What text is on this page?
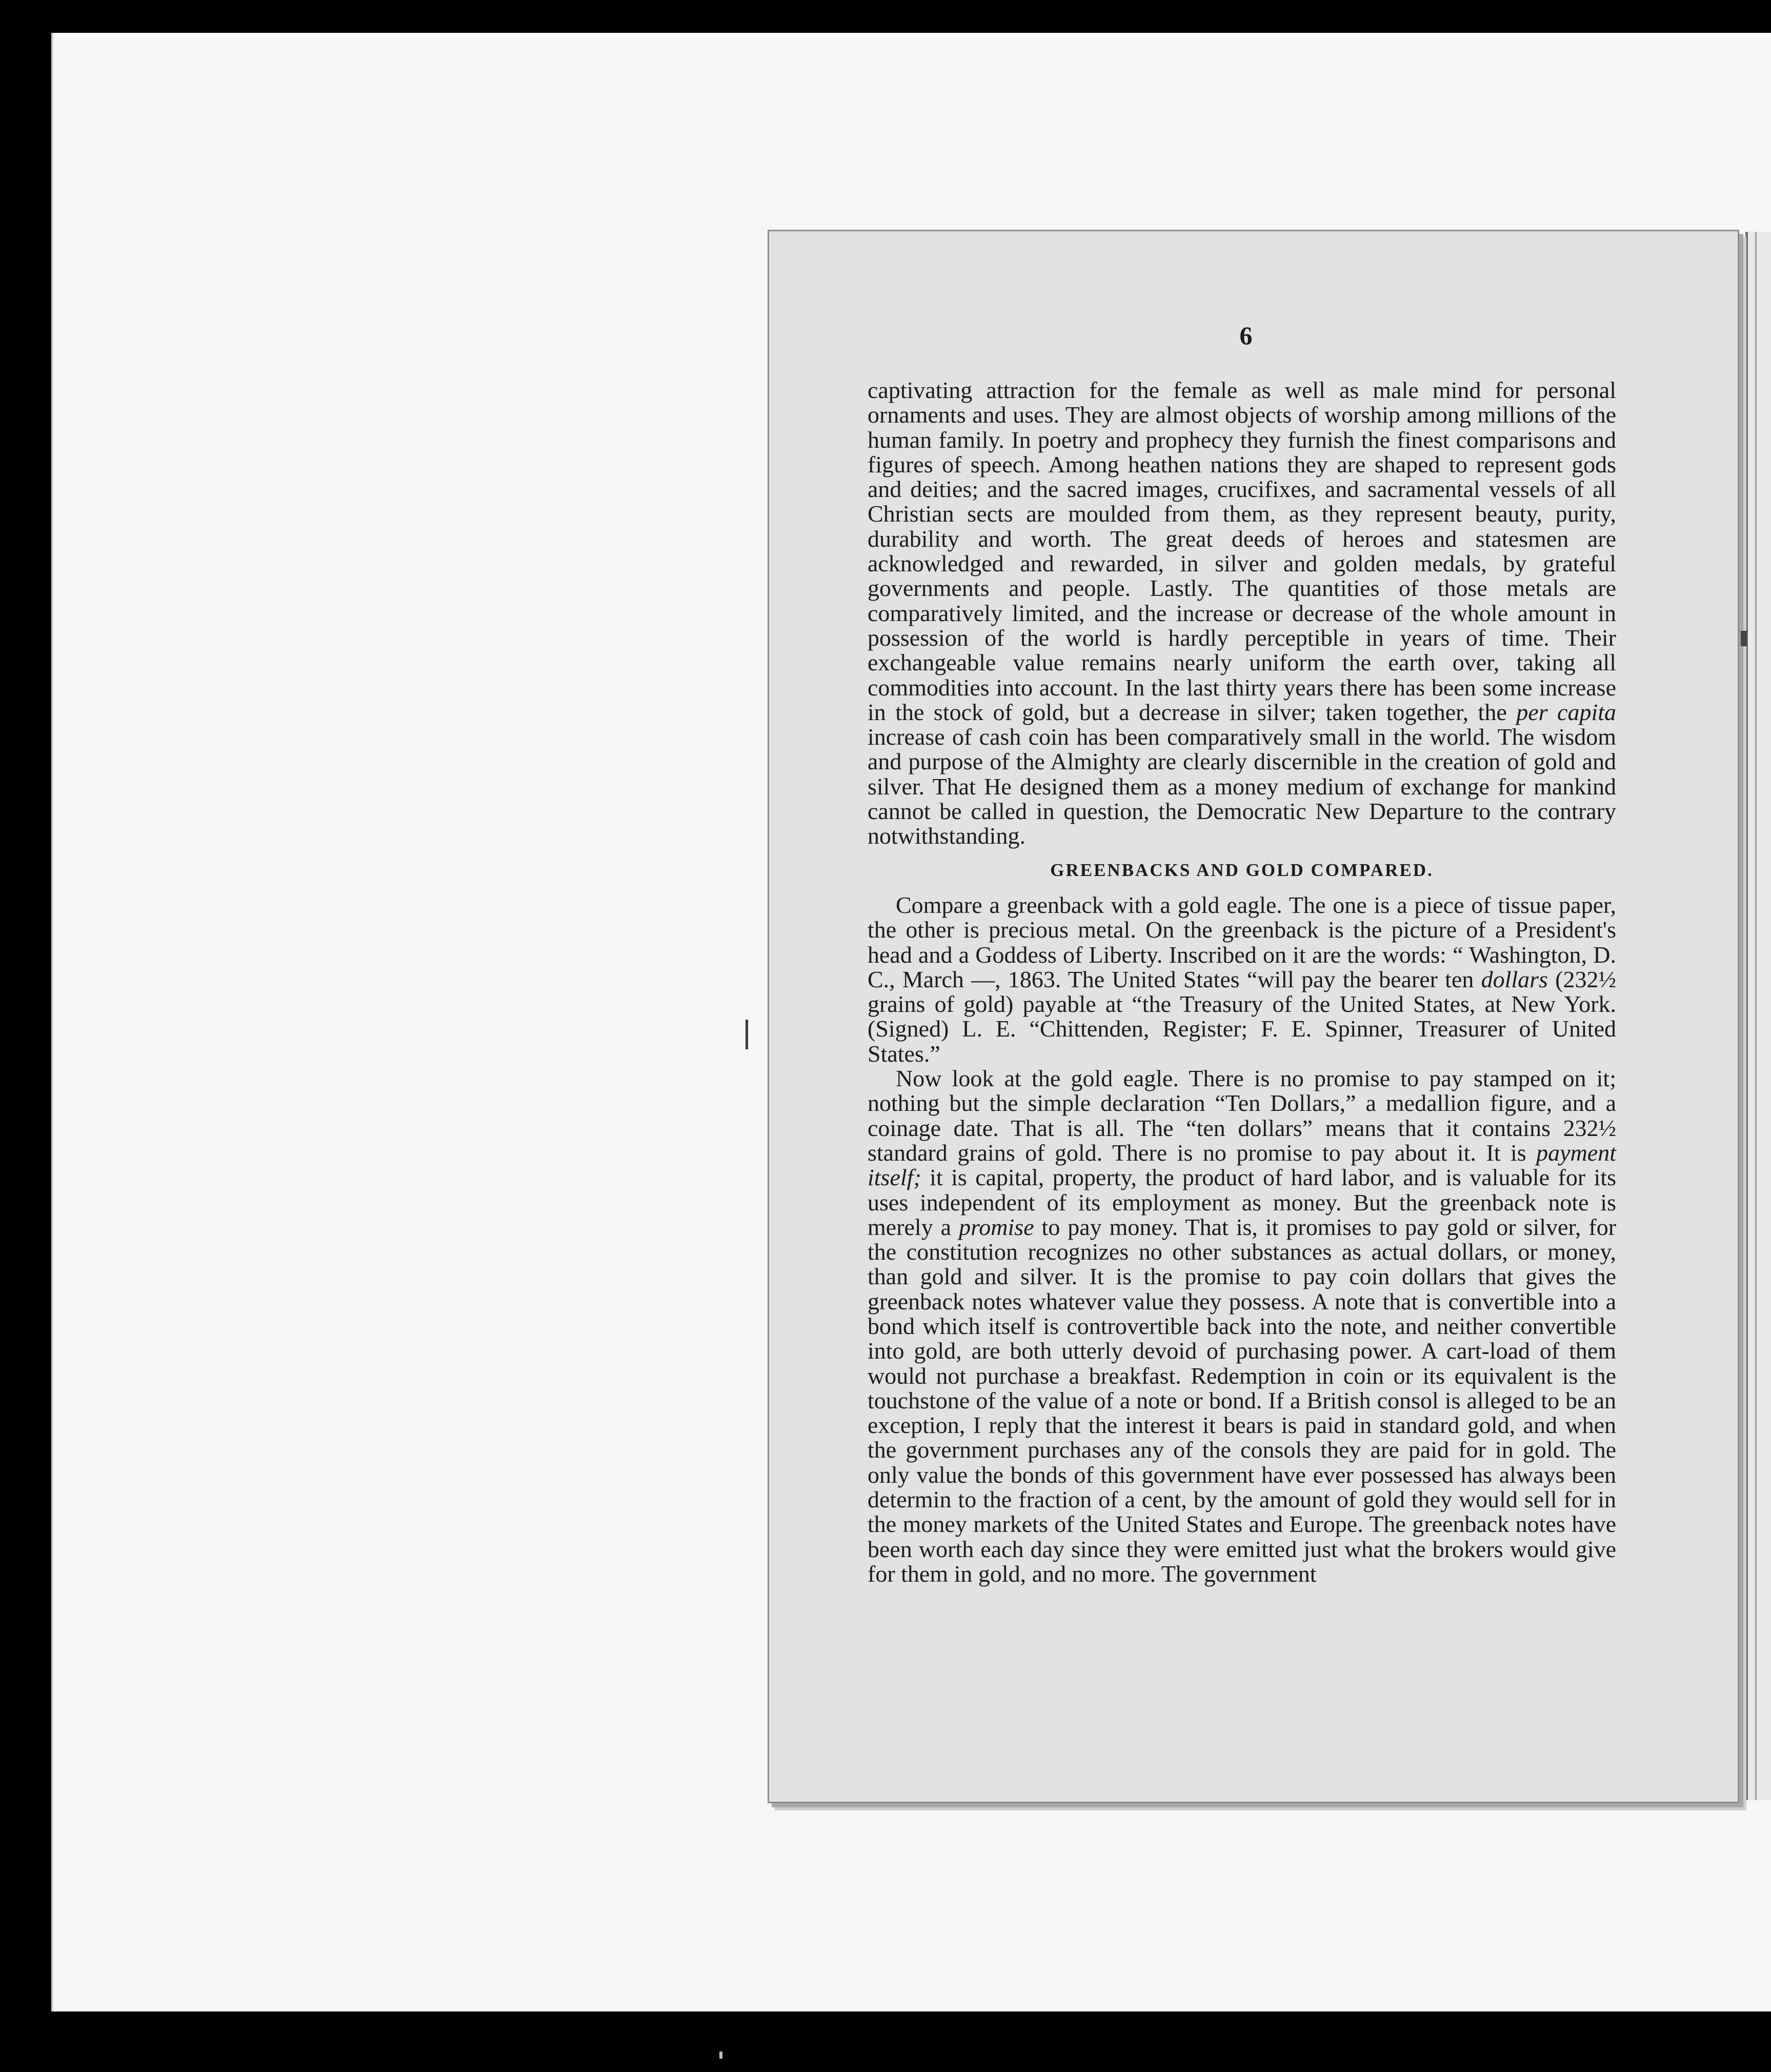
6

captivating attraction for the female as well as male mind for personal ornaments and uses. They are almost objects of worship among millions of the human family. In poetry and prophecy they furnish the finest comparisons and figures of speech. Among heathen nations they are shaped to represent gods and deities; and the sacred images, crucifixes, and sacramental vessels of all Christian sects are moulded from them, as they represent beauty, purity, durability and worth. The great deeds of heroes and statesmen are acknowledged and rewarded, in silver and golden medals, by grateful governments and people. Lastly. The quantities of those metals are comparatively limited, and the increase or decrease of the whole amount in possession of the world is hardly perceptible in years of time. Their exchangeable value remains nearly uniform the earth over, taking all commodities into account. In the last thirty years there has been some increase in the stock of gold, but a decrease in silver; taken together, the per capita increase of cash coin has been comparatively small in the world. The wisdom and purpose of the Almighty are clearly discernible in the creation of gold and silver. That He designed them as a money medium of exchange for mankind cannot be called in question, the Democratic New Departure to the contrary notwithstanding.

GREENBACKS AND GOLD COMPARED.

Compare a greenback with a gold eagle. The one is a piece of tissue paper, the other is precious metal. On the greenback is the picture of a President's head and a Goddess of Liberty. Inscribed on it are the words: “ Washington, D. C., March —, 1863. The United States “will pay the bearer ten dollars (232½ grains of gold) payable at “the Treasury of the United States, at New York. (Signed) L. E. “Chittenden, Register; F. E. Spinner, Treasurer of United States.”

Now look at the gold eagle. There is no promise to pay stamped on it; nothing but the simple declaration “Ten Dollars,” a medallion figure, and a coinage date. That is all. The “ten dollars” means that it contains 232½ standard grains of gold. There is no promise to pay about it. It is payment itself; it is capital, property, the product of hard labor, and is valuable for its uses independent of its employment as money. But the greenback note is merely a promise to pay money. That is, it promises to pay gold or silver, for the constitution recognizes no other substances as actual dollars, or money, than gold and silver. It is the promise to pay coin dollars that gives the greenback notes whatever value they possess. A note that is convertible into a bond which itself is controvertible back into the note, and neither convertible into gold, are both utterly devoid of purchasing power. A cart-load of them would not purchase a breakfast. Redemption in coin or its equivalent is the touchstone of the value of a note or bond. If a British consol is alleged to be an exception, I reply that the interest it bears is paid in standard gold, and when the government purchases any of the consols they are paid for in gold. The only value the bonds of this government have ever possessed has always been determin to the fraction of a cent, by the amount of gold they would sell for in the money markets of the United States and Europe. The greenback notes have been worth each day since they were emitted just what the brokers would give for them in gold, and no more. The government
